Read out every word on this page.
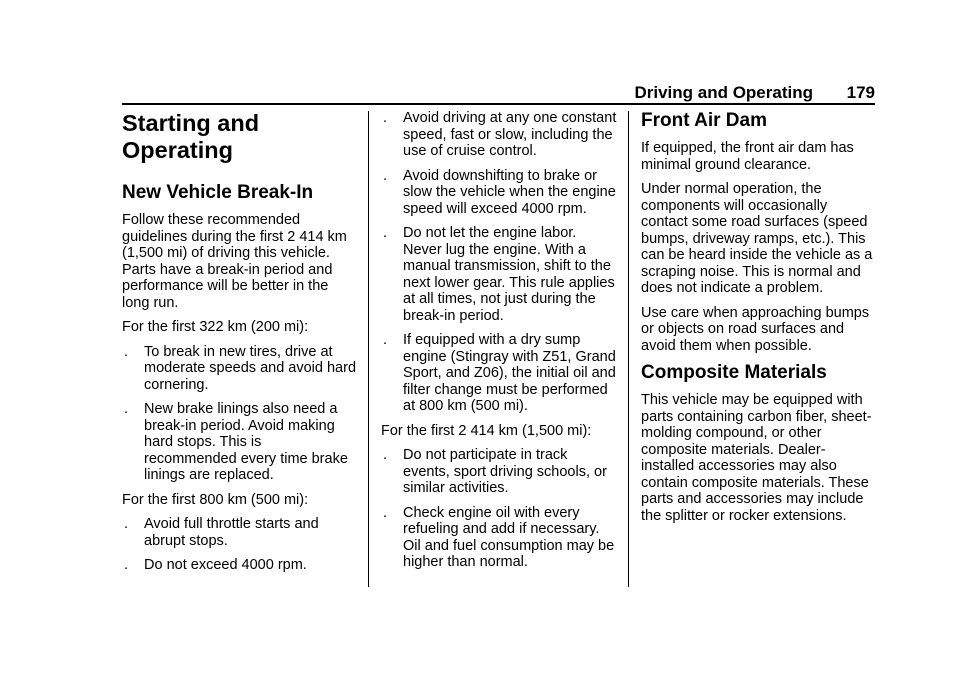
Driving and Operating 179
Starting and Operating
New Vehicle Break-In

Follow these recommended guidelines during the first 2 414 km (1,500 mi) of driving this vehicle. Parts have a break-in period and performance will be better in the long run.

For the first 322 km (200 mi):

. To break in new tires, drive at moderate speeds and avoid hard cornering.
. New brake linings also need a break-in period. Avoid making hard stops. This is recommended every time brake linings are replaced.

For the first 800 km (500 mi):

. Avoid full throttle starts and abrupt stops.
. Do not exceed 4000 rpm.
. Avoid driving at any one constant speed, fast or slow, including the use of cruise control.
. Avoid downshifting to brake or slow the vehicle when the engine speed will exceed 4000 rpm.
. Do not let the engine labor. Never lug the engine. With a manual transmission, shift to the next lower gear. This rule applies at all times, not just during the break-in period.
. If equipped with a dry sump engine (Stingray with Z51, Grand Sport, and Z06), the initial oil and filter change must be performed at 800 km (500 mi).

For the first 2 414 km (1,500 mi):

. Do not participate in track events, sport driving schools, or similar activities.
. Check engine oil with every refueling and add if necessary. Oil and fuel consumption may be higher than normal.
Front Air Dam

If equipped, the front air dam has minimal ground clearance.

Under normal operation, the components will occasionally contact some road surfaces (speed bumps, driveway ramps, etc.). This can be heard inside the vehicle as a scraping noise. This is normal and does not indicate a problem.

Use care when approaching bumps or objects on road surfaces and avoid them when possible.

Composite Materials

This vehicle may be equipped with parts containing carbon fiber, sheet-molding compound, or other composite materials. Dealer-installed accessories may also contain composite materials. These parts and accessories may include the splitter or rocker extensions.
